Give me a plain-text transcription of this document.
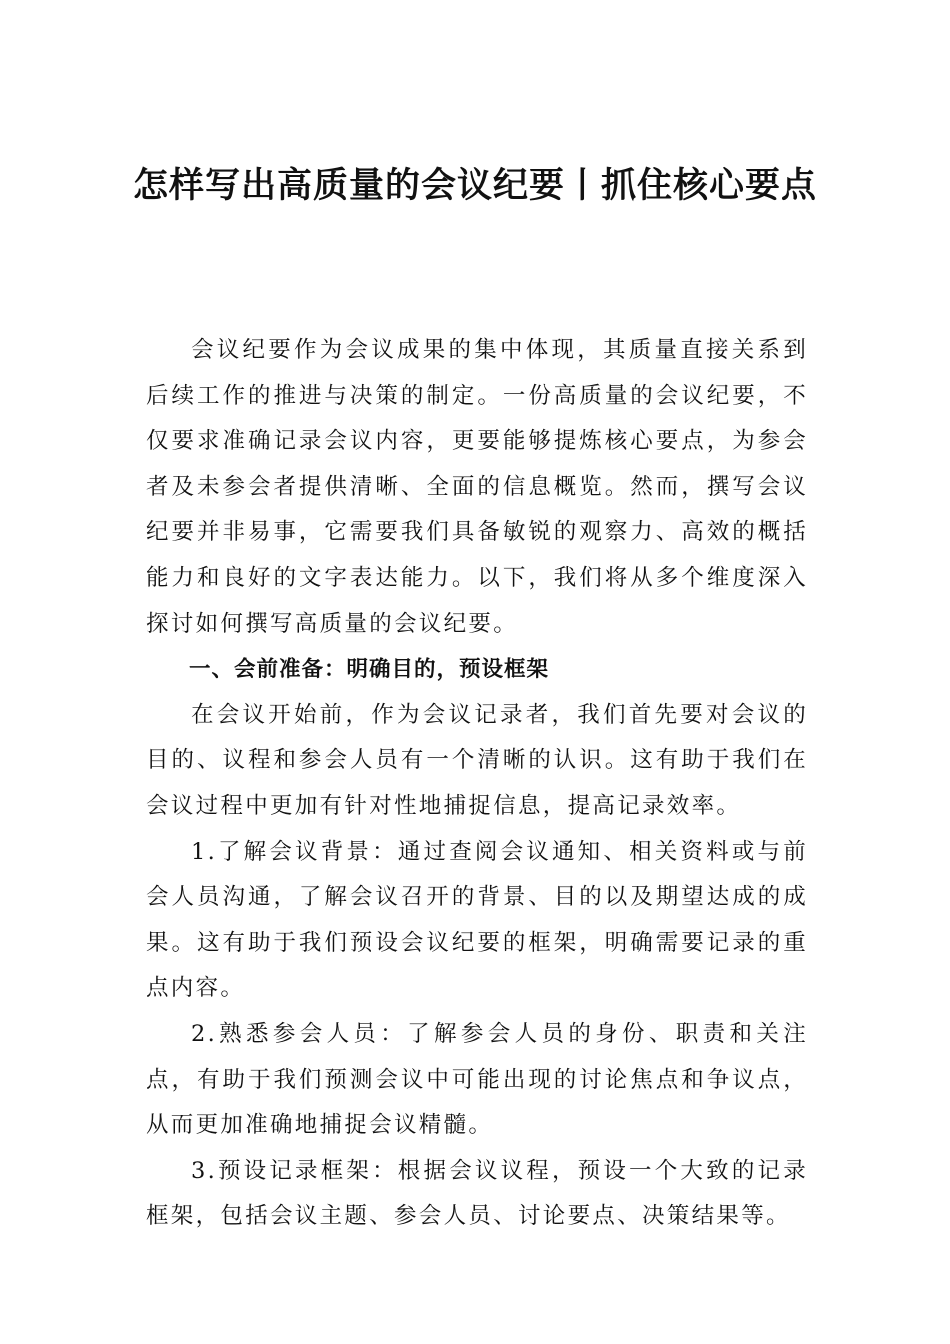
怎样写出高质量的会议纪要丨抓住核心要点

会议纪要作为会议成果的集中体现，其质量直接关系到后续工作的推进与决策的制定。一份高质量的会议纪要，不仅要求准确记录会议内容，更要能够提炼核心要点，为参会者及未参会者提供清晰、全面的信息概览。然而，撰写会议纪要并非易事，它需要我们具备敏锐的观察力、高效的概括能力和良好的文字表达能力。以下，我们将从多个维度深入探讨如何撰写高质量的会议纪要。

一、会前准备：明确目的，预设框架

在会议开始前，作为会议记录者，我们首先要对会议的目的、议程和参会人员有一个清晰的认识。这有助于我们在会议过程中更加有针对性地捕捉信息，提高记录效率。

1.了解会议背景：通过查阅会议通知、相关资料或与前会人员沟通，了解会议召开的背景、目的以及期望达成的成果。这有助于我们预设会议纪要的框架，明确需要记录的重点内容。

2.熟悉参会人员：了解参会人员的身份、职责和关注点，有助于我们预测会议中可能出现的讨论焦点和争议点，从而更加准确地捕捉会议精髓。

3.预设记录框架：根据会议议程，预设一个大致的记录框架，包括会议主题、参会人员、讨论要点、决策结果等。
